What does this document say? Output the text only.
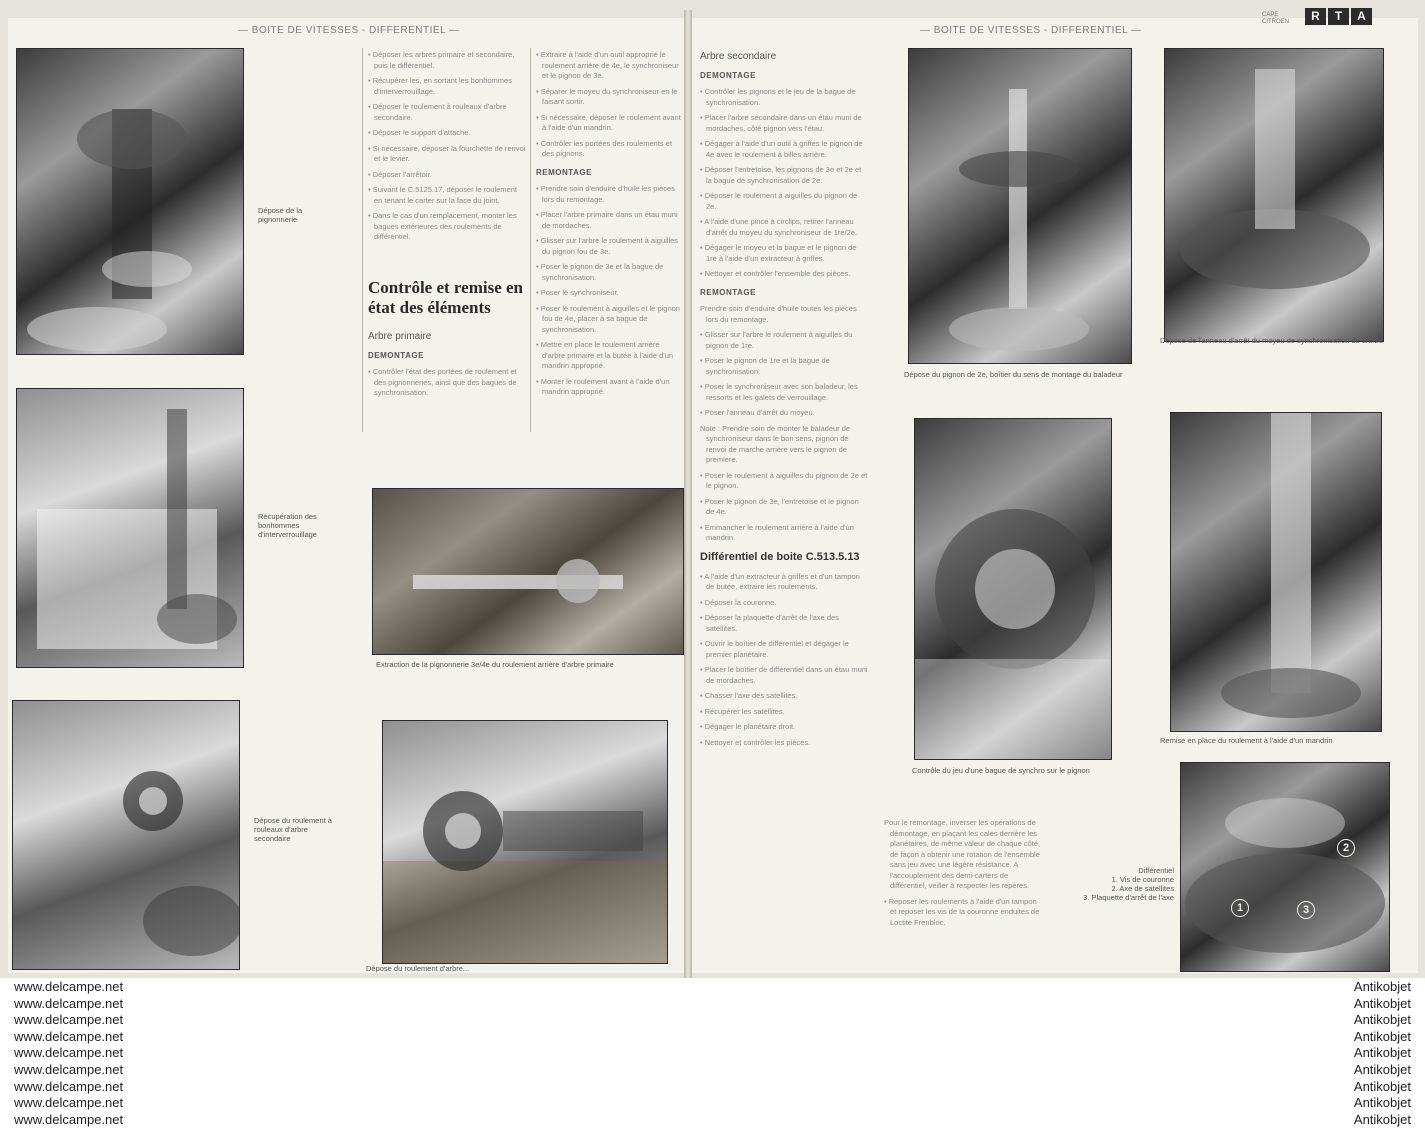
— BOITE DE VITESSES - DIFFERENTIEL —	— BOITE DE VITESSES - DIFFERENTIEL —
CAPE
CITROEN	R	T	A
Dépose de la pignonnerie
Récupération des bonhommes d'interverrouillage
Dépose du roulement à rouleaux d'arbre secondaire
Extraction de la pignonnerie 3e/4e du roulement arrière d'arbre primaire
Dépose du roulement d'arbre...
• Déposer les arbres primaire et secondaire, puis le différentiel.
• Récupérer les, en sortant les bonhommes d'interverrouillage.
• Déposer le roulement à rouleaux d'arbre secondaire.
• Déposer le support d'attache.
• Si nécessaire, déposer la fourchette de renvoi et le levier.
• Déposer l'arrêtoir.
• Suivant le C.5125.17, déposer le roulement en tenant le carter sur la face du joint.
• Dans le cas d'un remplacement, monter les bagues extérieures des roulements de différentiel.
Contrôle et remise en état des éléments
Arbre primaire
DEMONTAGE
• Contrôler l'état des portées de roulement et des pignonneries, ainsi que des bagues de synchronisation.
• Extraire à l'aide d'un outil approprié le roulement arrière de 4e, le synchroniseur et le pignon de 3e.
• Séparer le moyeu du synchroniseur en le faisant sortir.
• Si nécessaire, déposer le roulement avant à l'aide d'un mandrin.
• Contrôler les portées des roulements et des pignons.
REMONTAGE
• Prendre soin d'enduire d'huile les pièces lors du remontage.
• Placer l'arbre primaire dans un étau muni de mordaches.
• Glisser sur l'arbre le roulement à aiguilles du pignon fou de 3e.
• Poser le pignon de 3e et la bague de synchronisation.
• Poser le synchroniseur.
• Poser le roulement à aiguilles et le pignon fou de 4e, placer à sa bague de synchronisation.
• Mettre en place le roulement arrière d'arbre primaire et la butée à l'aide d'un mandrin approprié.
• Monter le roulement avant à l'aide d'un mandrin approprié.
Arbre secondaire
DEMONTAGE
• Contrôler les pignons et le jeu de la bague de synchronisation.
• Placer l'arbre secondaire dans un étau muni de mordaches, côté pignon vers l'étau.
• Dégager à l'aide d'un outil à griffes le pignon de 4e avec le roulement à billes arrière.
• Déposer l'entretoise, les pignons de 3e et 2e et la bague de synchronisation de 2e.
• Déposer le roulement à aiguilles du pignon de 2e.
• A l'aide d'une pince à circlips, retirer l'anneau d'arrêt du moyeu du synchroniseur de 1re/2e.
• Dégager le moyeu et la bague et le pignon de 1re à l'aide d'un extracteur à griffes.
• Nettoyer et contrôler l'ensemble des pièces.
REMONTAGE
Prendre soin d'enduire d'huile toutes les pièces lors du remontage.
• Glisser sur l'arbre le roulement à aiguilles du pignon de 1re.
• Poser le pignon de 1re et la bague de synchronisation.
• Poser le synchroniseur avec son baladeur, les ressorts et les galets de verrouillage.
• Poser l'anneau d'arrêt du moyeu.
Note : Prendre soin de monter le baladeur de synchroniseur dans le bon sens, pignon de renvoi de marche arrière vers le pignon de premiere.
• Poser le roulement à aiguilles du pignon de 2e et le pignon.
• Poser le pignon de 3e, l'entretoise et le pignon de 4e.
• Emmancher le roulement arrière à l'aide d'un mandrin.
Différentiel de boite C.513.5.13
• A l'aide d'un extracteur à griffes et d'un tampon de butée, extraire les roulements.
• Déposer la couronne.
• Déposer la plaquette d'arrêt de l'axe des satellites.
• Ouvrir le boîtier de différentiel et dégager le premier planétaire.
• Placer le boîtier de différentiel dans un étau muni de mordaches.
• Chasser l'axe des satellites.
• Récupérer les satellites.
• Dégager le planétaire droit.
• Nettoyer et contrôler les pièces.
Pour le remontage, inverser les opérations de démontage, en plaçant les cales derrière les planétaires, de même valeur de chaque côté, de façon à obtenir une rotation de l'ensemble sans jeu avec une légère résistance. A l'accouplement des demi-carters de différentiel, veiller à respecter les repères.
• Reposer les roulements à l'aide d'un tampon et reposer les vis de la couronne enduites de Loctite Frenbloc.
Dépose du pignon de 2e, boîtier du sens de montage du baladeur
Dépose de l'anneau d'arrêt du moyeu de synchronisation de 1re/2e
Contrôle du jeu d'une bague de synchro sur le pignon
Remise en place du roulement à l'aide d'un mandrin
1
2
3
Différentiel
1. Vis de couronne
2. Axe de satellites
3. Plaquette d'arrêt de l'axe
www.delcampe.net
www.delcampe.net
www.delcampe.net
www.delcampe.net
www.delcampe.net
www.delcampe.net
www.delcampe.net
www.delcampe.net
www.delcampe.net
Antikobjet
Antikobjet
Antikobjet
Antikobjet
Antikobjet
Antikobjet
Antikobjet
Antikobjet
Antikobjet
